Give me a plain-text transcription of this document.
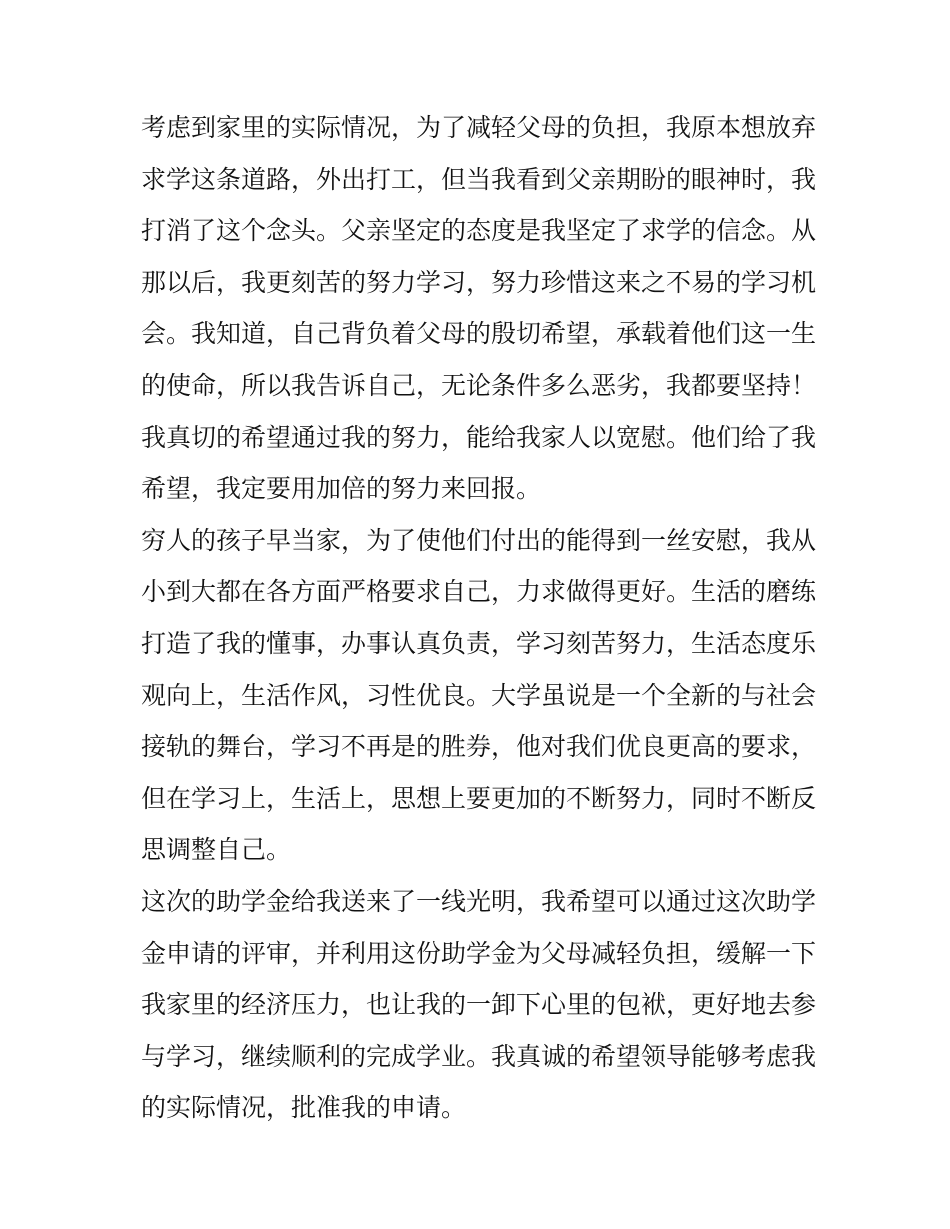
考虑到家里的实际情况，为了减轻父母的负担，我原本想放弃
求学这条道路，外出打工，但当我看到父亲期盼的眼神时，我
打消了这个念头。父亲坚定的态度是我坚定了求学的信念。从
那以后，我更刻苦的努力学习，努力珍惜这来之不易的学习机
会。我知道，自己背负着父母的殷切希望，承载着他们这一生
的使命，所以我告诉自己，无论条件多么恶劣，我都要坚持！
我真切的希望通过我的努力，能给我家人以宽慰。他们给了我
希望，我定要用加倍的努力来回报。
穷人的孩子早当家，为了使他们付出的能得到一丝安慰，我从
小到大都在各方面严格要求自己，力求做得更好。生活的磨练
打造了我的懂事，办事认真负责，学习刻苦努力，生活态度乐
观向上，生活作风，习性优良。大学虽说是一个全新的与社会
接轨的舞台，学习不再是的胜券，他对我们优良更高的要求，
但在学习上，生活上，思想上要更加的不断努力，同时不断反
思调整自己。
这次的助学金给我送来了一线光明，我希望可以通过这次助学
金申请的评审，并利用这份助学金为父母减轻负担，缓解一下
我家里的经济压力，也让我的一卸下心里的包袱，更好地去参
与学习，继续顺利的完成学业。我真诚的希望领导能够考虑我
的实际情况，批准我的申请。
